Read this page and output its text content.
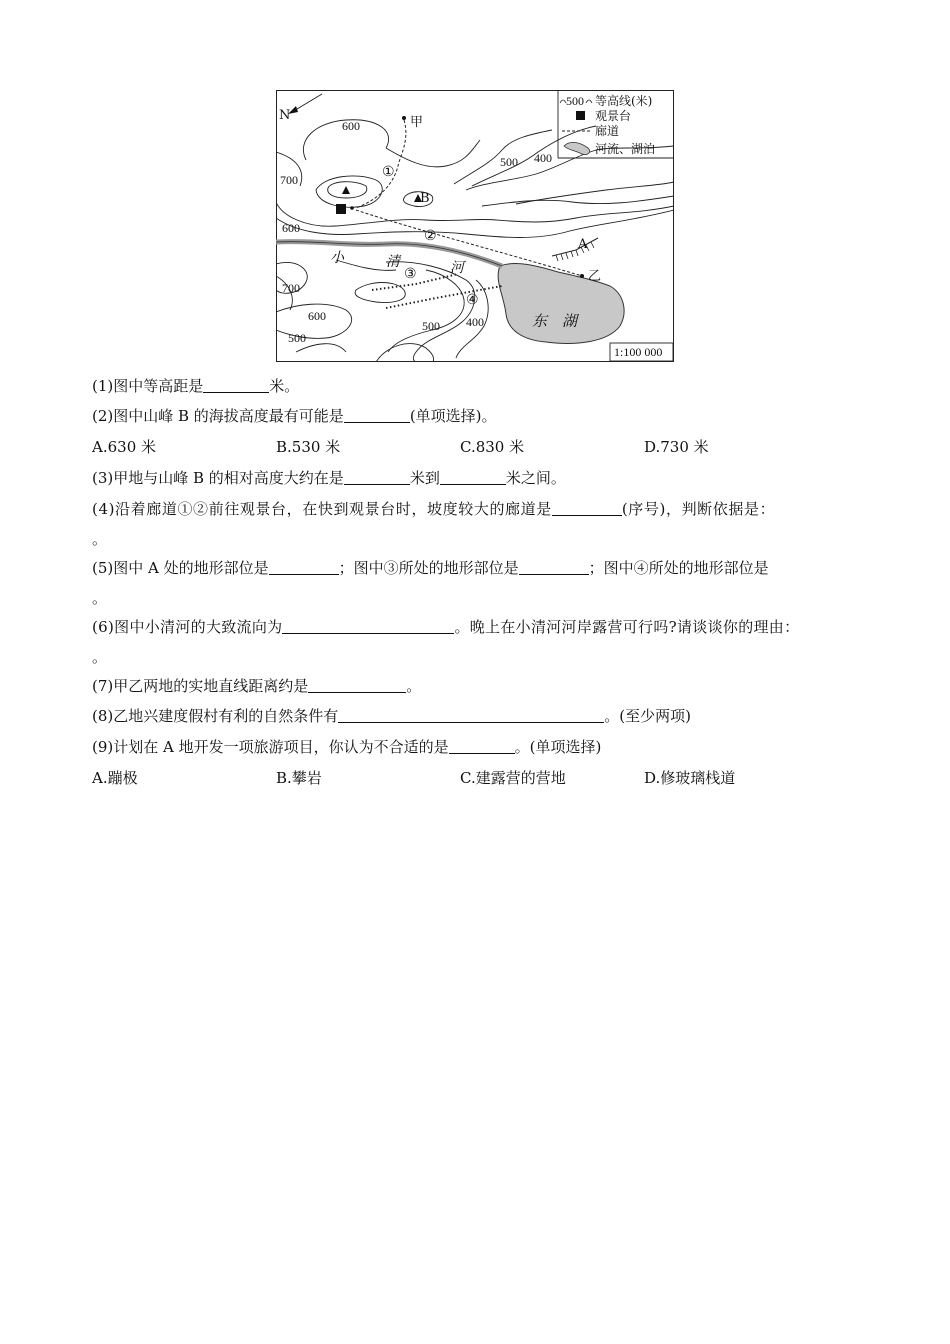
N
500 等高线(米)
观景台
廊道
河流、湖泊
600
700
600
700
600
500
500 400
500 400
甲
乙
B
A
①
②
③
④
小	清	河
东　湖
1:100 000
(1)图中等高距是	米。
(2)图中山峰 B 的海拔高度最有可能是	(单项选择)。
A.630 米	B.530 米	C.830 米	D.730 米
(3)甲地与山峰 B 的相对高度大约在是	米到	米之间。
(4)沿着廊道①②前往观景台，在快到观景台时，坡度较大的廊道是	(序号)，判断依据是：
。
(5)图中 A 处的地形部位是	；图中③所处的地形部位是	；图中④所处的地形部位是
。
(6)图中小清河的大致流向为	。晚上在小清河河岸露营可行吗?请谈谈你的理由：
。
(7)甲乙两地的实地直线距离约是	。
(8)乙地兴建度假村有利的自然条件有	。(至少两项)
(9)计划在 A 地开发一项旅游项目，你认为不合适的是	。(单项选择)
A.蹦极	B.攀岩	C.建露营的营地	D.修玻璃栈道
